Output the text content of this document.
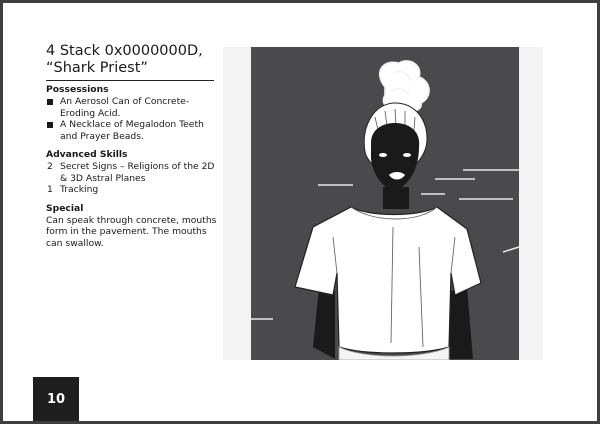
4 Stack 0x0000000D,
“Shark Priest”
Possessions
An Aerosol Can of Concrete-Eroding Acid.
A Necklace of Megalodon Teeth and Prayer Beads.
Advanced Skills
2 Secret Signs – Religions of the 2D & 3D Astral Planes
1 Tracking
Special

Can speak through concrete, mouths form in the pavement. The mouths can swallow.

10
